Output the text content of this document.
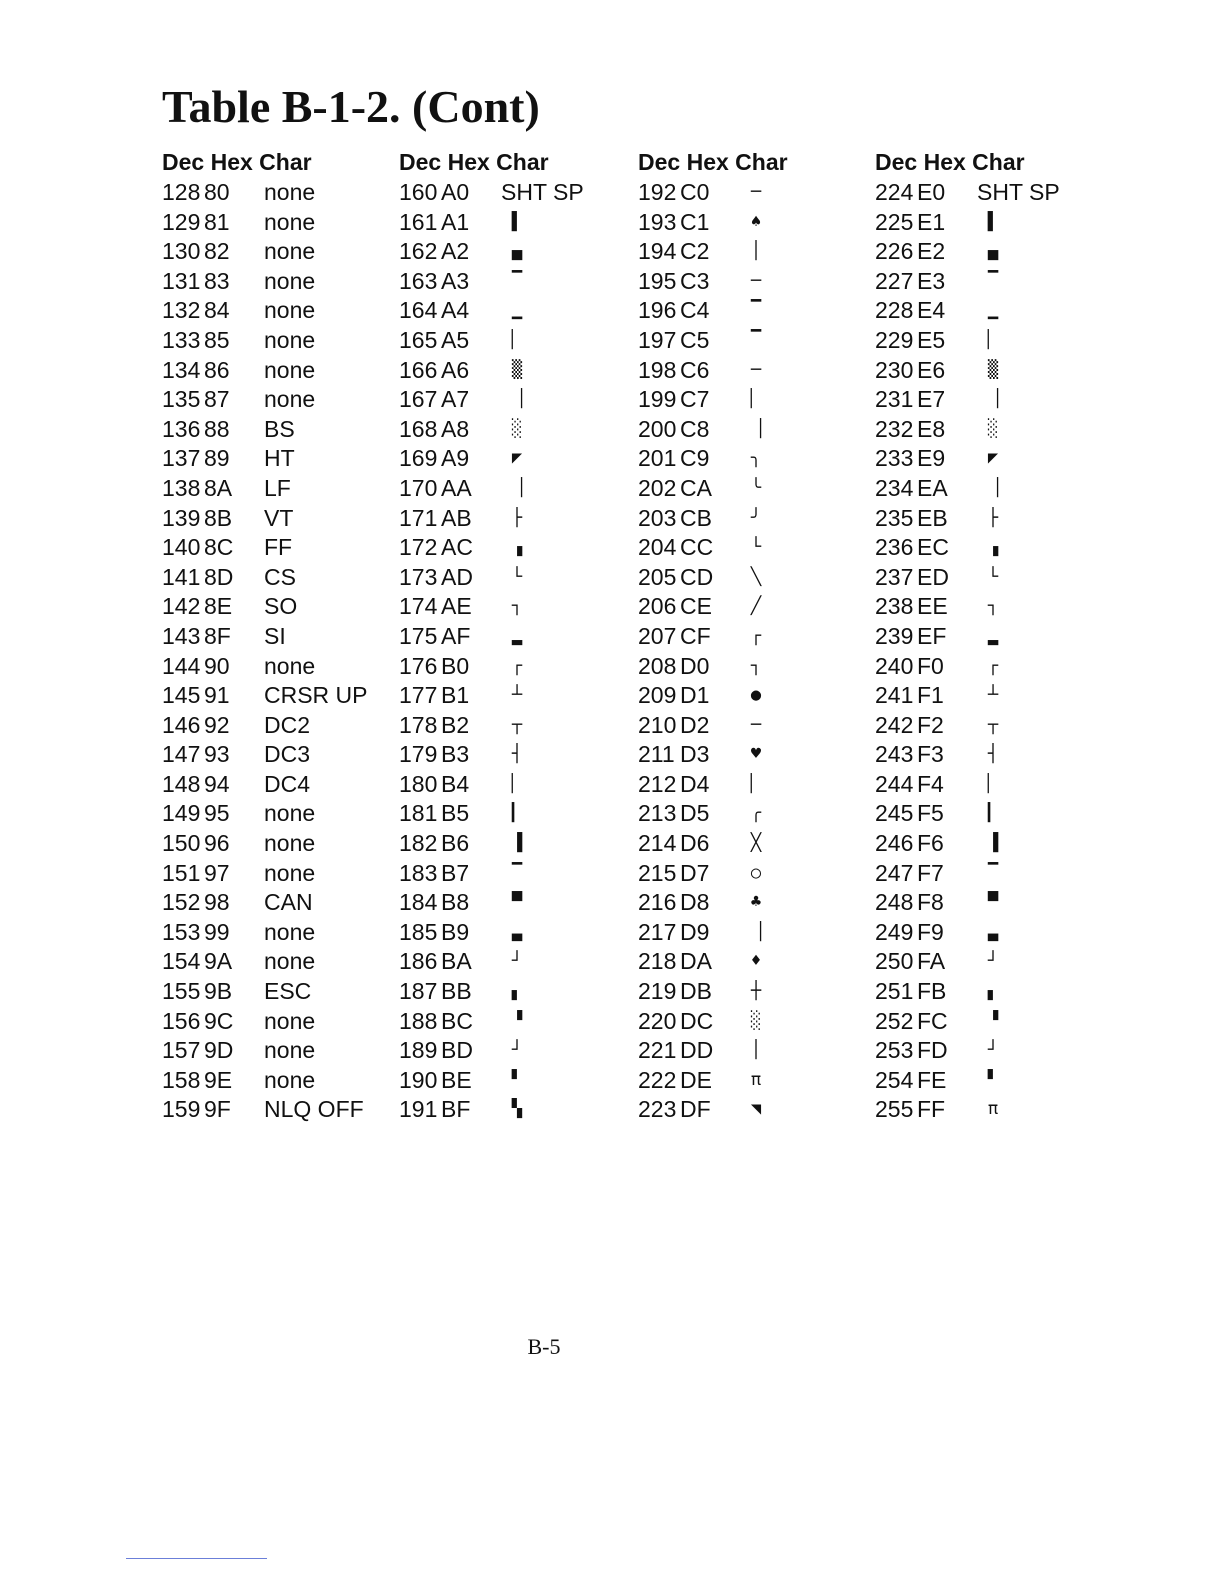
Table B-1-2. (Cont)
Dec Hex Char
128 80 none
129 81 none
130 82 none
131 83 none
132 84 none
133 85 none
134 86 none
135 87 none
136 88 BS
137 89 HT
138 8A LF
139 8B VT
140 8C FF
141 8D CS
142 8E SO
143 8F SI
144 90 none
145 91 CRSR UP
146 92 DC2
147 93 DC3
148 94 DC4
149 95 none
150 96 none
151 97 none
152 98 CAN
153 99 none
154 9A none
155 9B ESC
156 9C none
157 9D none
158 9E none
159 9F NLQ OFF
Dec Hex Char
160 A0 SHT SP
161 A1	▌
162 A2	▄
163 A3	▔
164 A4	▁
165 A5	▏
166 A6	▒
167 A7	▕
168 A8	░
169 A9	◤
170 AA	▕
171 AB	├
172 AC	▗
173 AD	└
174 AE	┐
175 AF	▂
176 B0	┌
177 B1	┴
178 B2	┬
179 B3	┤
180 B4	▏
181 B5	▎
182 B6	▐
183 B7	▔
184 B8	▀
185 B9	▃
186 BA	┘
187 BB	▖
188 BC	▝
189 BD	┘
190 BE	▘
191 BF	▚
Dec Hex Char
192 C0	─
193 C1	♠
194 C2	│
195 C3	─
196 C4	▔
197 C5	▔
198 C6	─
199 C7	▏
200 C8	▕
201 C9	╮
202 CA	╰
203 CB	╯
204 CC	└
205 CD	╲
206 CE	╱
207 CF	┌
208 D0	┐
209 D1	●
210 D2	─
211 D3	♥
212 D4	▏
213 D5	╭
214 D6	╳
215 D7	○
216 D8	♣
217 D9	▕
218 DA	♦
219 DB	┼
220 DC	░
221 DD	│
222 DE	π
223 DF	◥
Dec Hex Char
224 E0 SHT SP
225 E1	▌
226 E2	▄
227 E3	▔
228 E4	▁
229 E5	▏
230 E6	▒
231 E7	▕
232 E8	░
233 E9	◤
234 EA	▕
235 EB	├
236 EC	▗
237 ED	└
238 EE	┐
239 EF	▂
240 F0	┌
241 F1	┴
242 F2	┬
243 F3	┤
244 F4	▏
245 F5	▎
246 F6	▐
247 F7	▔
248 F8	▀
249 F9	▃
250 FA	┘
251 FB	▖
252 FC	▝
253 FD	┘
254 FE	▘
255 FF	π
B-5
